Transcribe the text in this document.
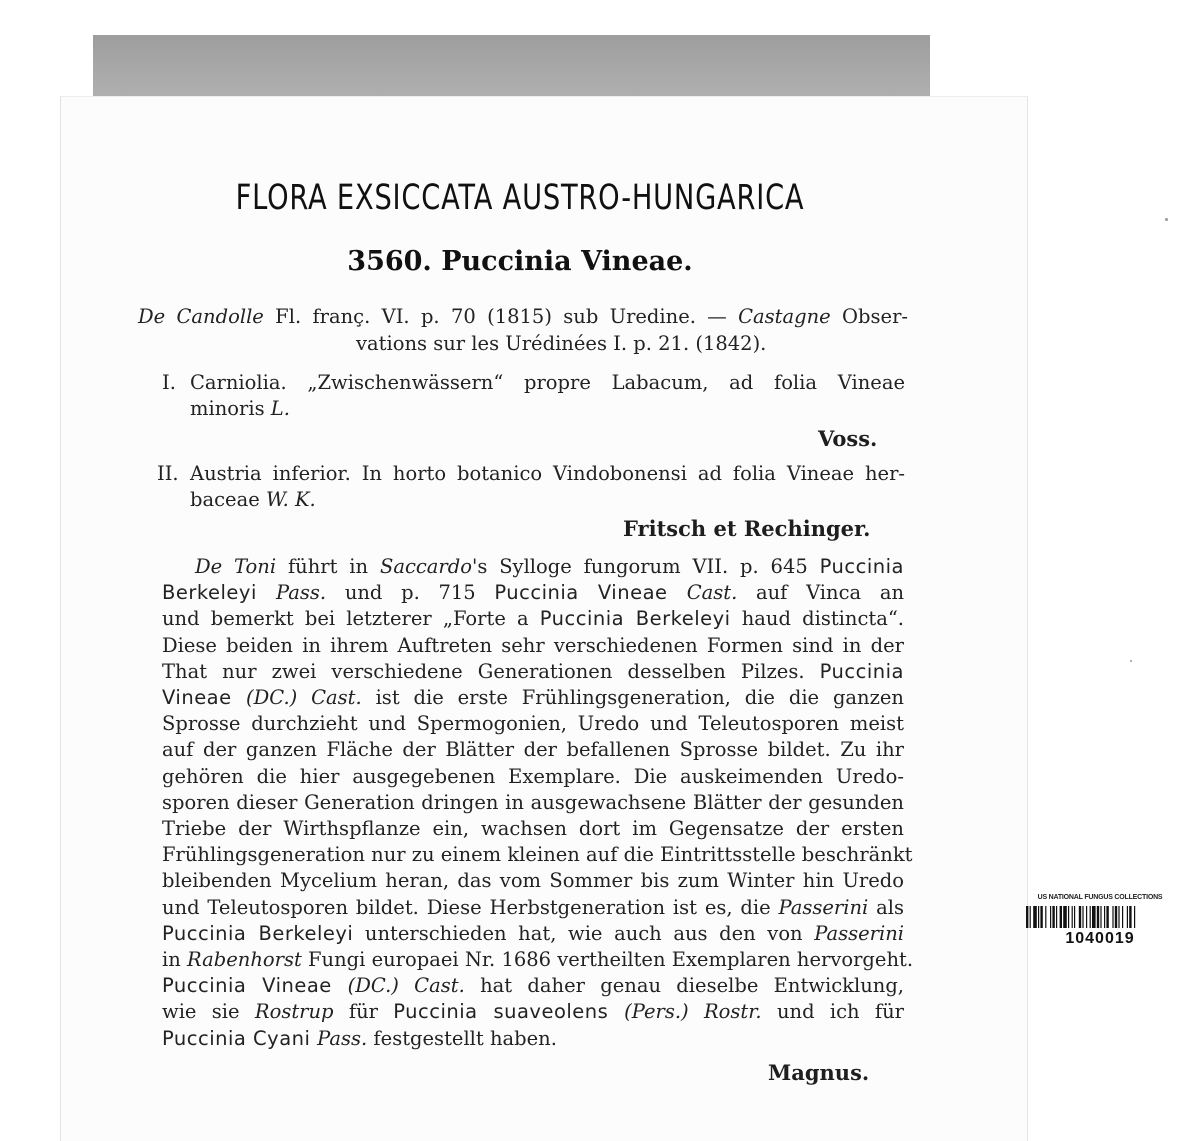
FLORA EXSICCATA AUSTRO-HUNGARICA
3560. Puccinia Vineae.
De Candolle Fl. franç. VI. p. 70 (1815) sub Uredine. — Castagne Obser-
vations sur les Urédinées I. p. 21. (1842).
I. Carniolia. „Zwischenwässern“ propre Labacum, ad folia Vineae
minoris L.
Voss.
II. Austria inferior. In horto botanico Vindobonensi ad folia Vineae her-
baceae W. K.
Fritsch et Rechinger.
De Toni führt in Saccardo's Sylloge fungorum VII. p. 645 Puccinia
Berkeleyi Pass. und p. 715 Puccinia Vineae Cast. auf Vinca an
und bemerkt bei letzterer „Forte a Puccinia Berkeleyi haud distincta“.
Diese beiden in ihrem Auftreten sehr verschiedenen Formen sind in der
That nur zwei verschiedene Generationen desselben Pilzes. Puccinia
Vineae (DC.) Cast. ist die erste Frühlingsgeneration, die die ganzen
Sprosse durchzieht und Spermogonien, Uredo und Teleutosporen meist
auf der ganzen Fläche der Blätter der befallenen Sprosse bildet. Zu ihr
gehören die hier ausgegebenen Exemplare. Die auskeimenden Uredo-
sporen dieser Generation dringen in ausgewachsene Blätter der gesunden
Triebe der Wirthspflanze ein, wachsen dort im Gegensatze der ersten
Frühlingsgeneration nur zu einem kleinen auf die Eintrittsstelle beschränkt
bleibenden Mycelium heran, das vom Sommer bis zum Winter hin Uredo
und Teleutosporen bildet. Diese Herbstgeneration ist es, die Passerini als
Puccinia Berkeleyi unterschieden hat, wie auch aus den von Passerini
in Rabenhorst Fungi europaei Nr. 1686 vertheilten Exemplaren hervorgeht.
Puccinia Vineae (DC.) Cast. hat daher genau dieselbe Entwicklung,
wie sie Rostrup für Puccinia suaveolens (Pers.) Rostr. und ich für
Puccinia Cyani Pass. festgestellt haben.
Magnus.
US NATIONAL FUNGUS COLLECTIONS
1040019
